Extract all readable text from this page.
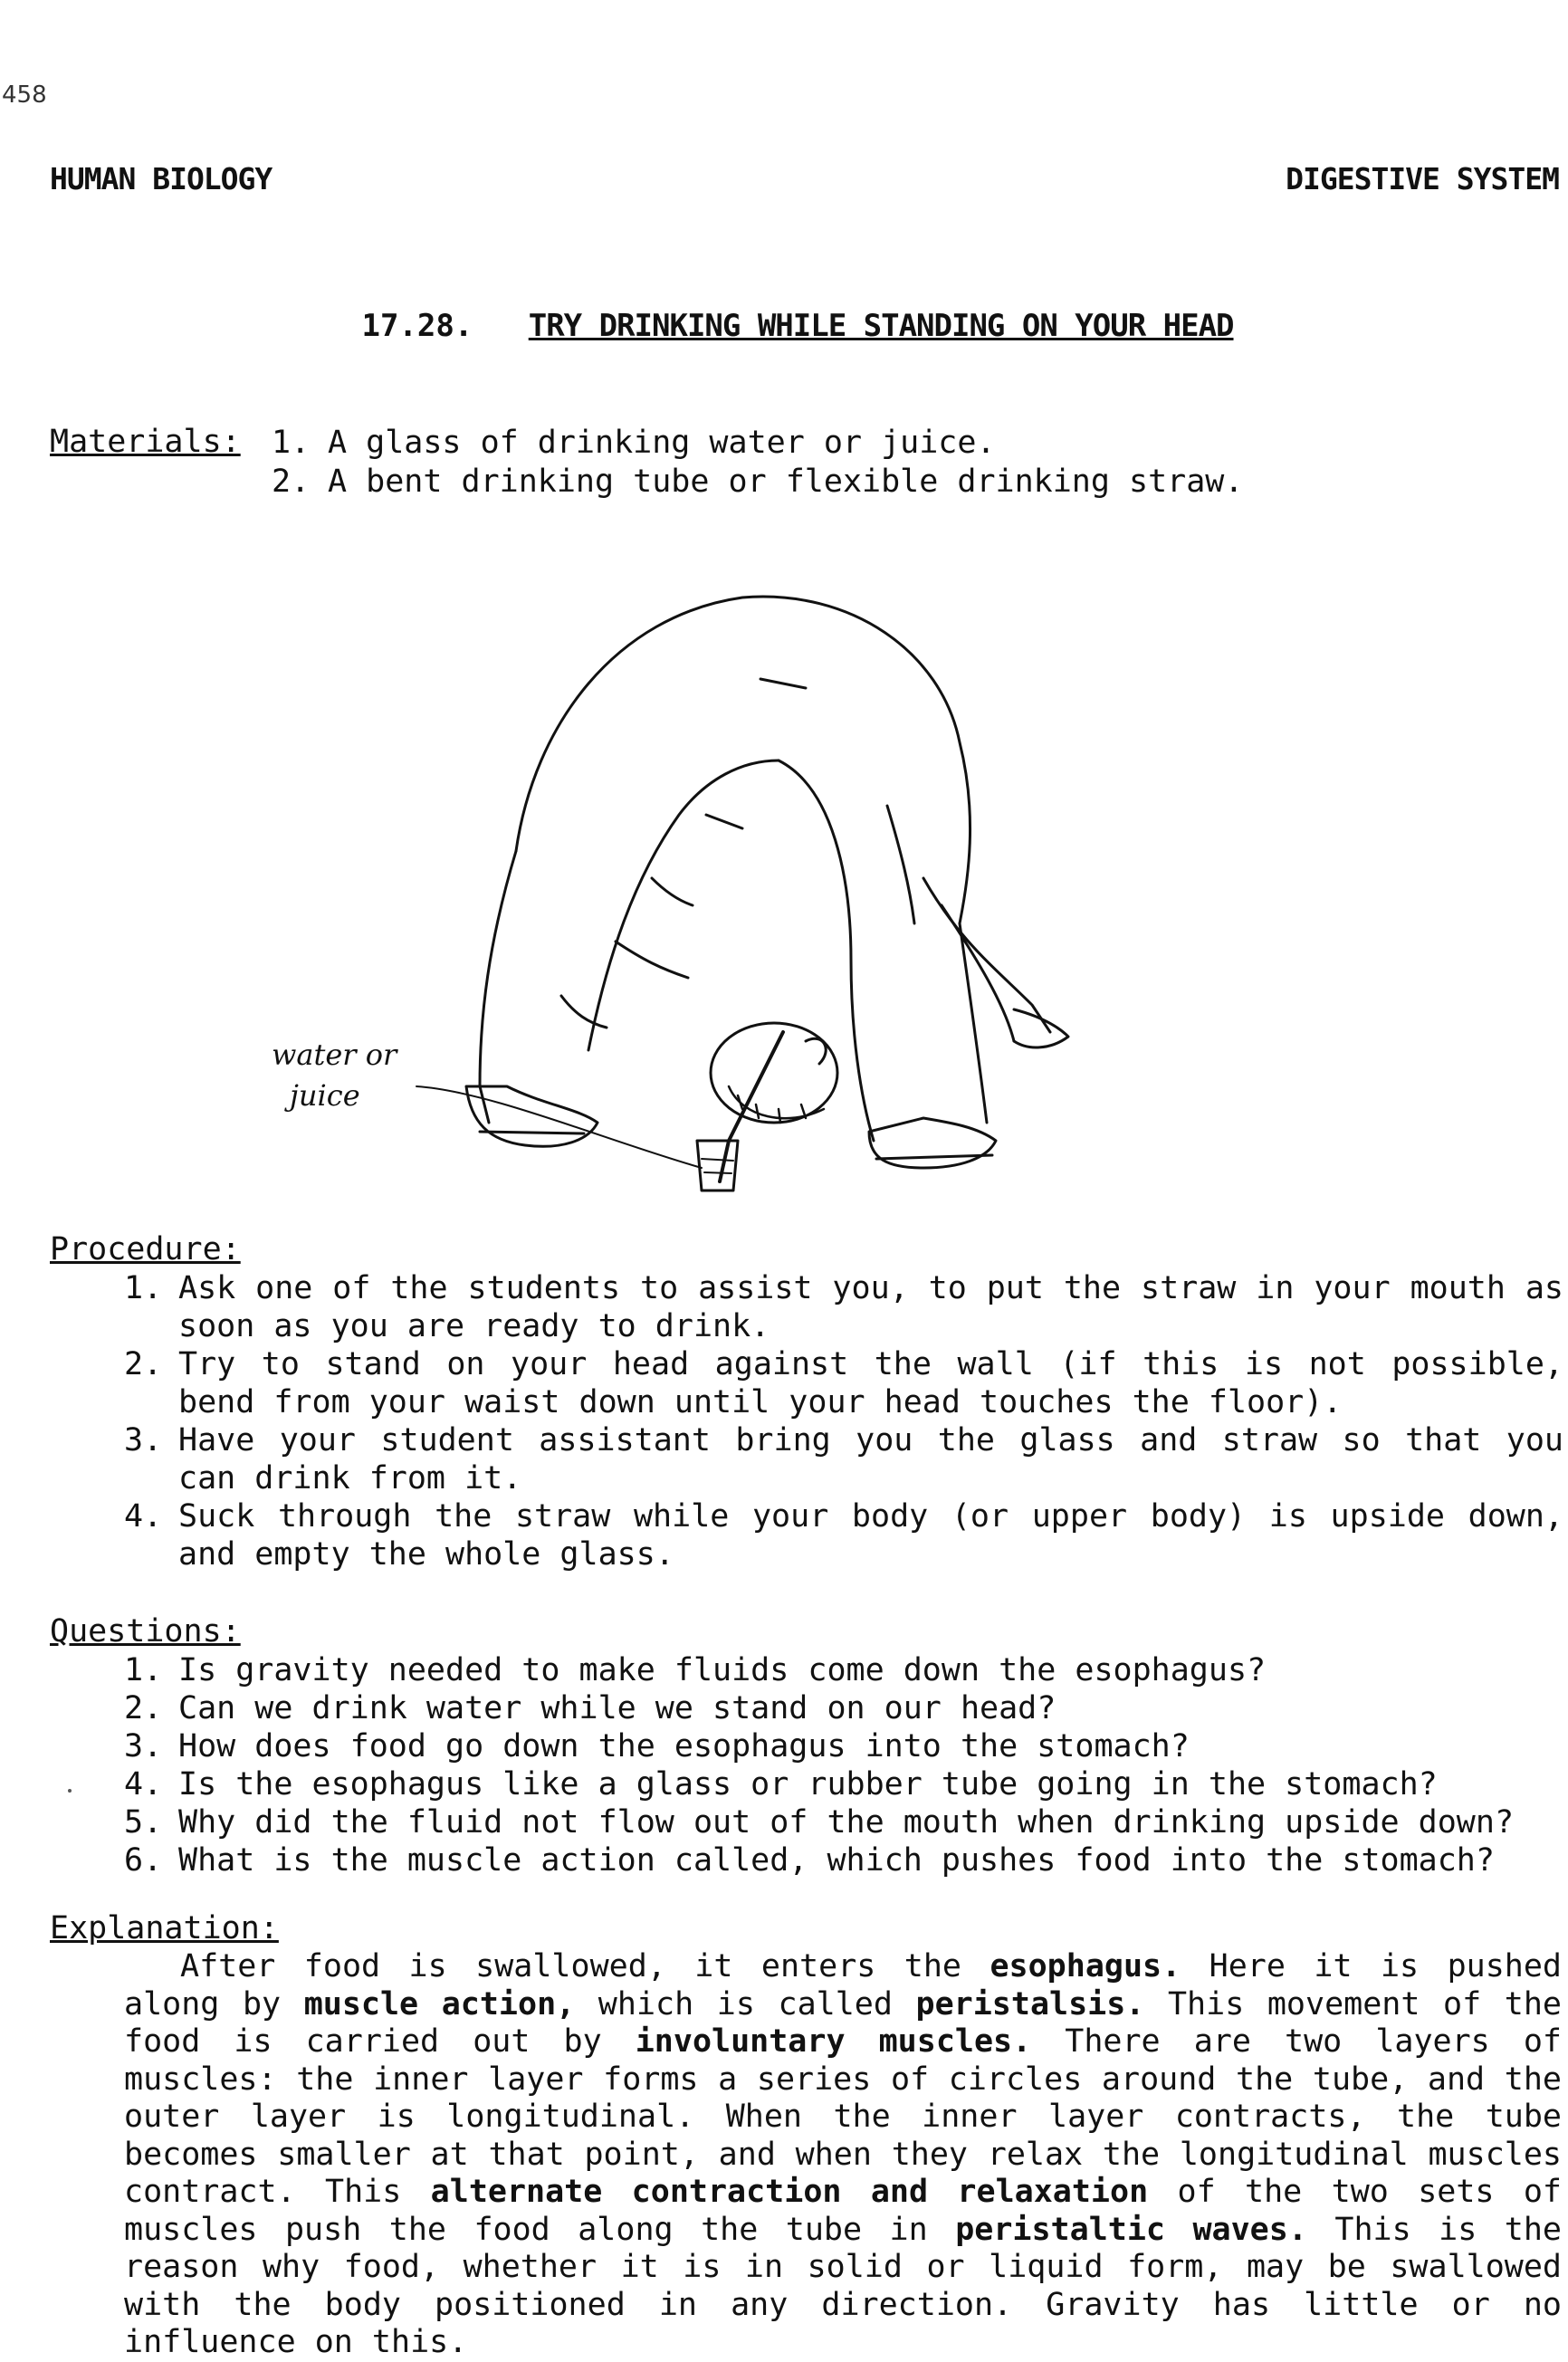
458
HUMAN BIOLOGY	DIGESTIVE SYSTEM
17.28. TRY DRINKING WHILE STANDING ON YOUR HEAD
Materials: 1. A glass of drinking water or juice.
2. A bent drinking tube or flexible drinking straw.
water or
juice
Procedure:
1. Ask one of the students to assist you, to put the straw in your mouth as soon as you are ready to drink.
2. Try to stand on your head against the wall (if this is not possible, bend from your waist down until your head touches the floor).
3. Have your student assistant bring you the glass and straw so that you can drink from it.
4. Suck through the straw while your body (or upper body) is upside down, and empty the whole glass.
Questions:
1. Is gravity needed to make fluids come down the esophagus?
2. Can we drink water while we stand on our head?
3. How does food go down the esophagus into the stomach?
4. Is the esophagus like a glass or rubber tube going in the stomach?
5. Why did the fluid not flow out of the mouth when drinking upside down?
6. What is the muscle action called, which pushes food into the stomach?
Explanation:

After food is swallowed, it enters the esophagus. Here it is pushed along by muscle action, which is called peristalsis. This movement of the food is carried out by involuntary muscles. There are two layers of muscles: the inner layer forms a series of circles around the tube, and the outer layer is longitudinal. When the inner layer contracts, the tube becomes smaller at that point, and when they relax the longitudinal muscles contract. This alternate contraction and relaxation of the two sets of muscles push the food along the tube in peristaltic waves. This is the reason why food, whether it is in solid or liquid form, may be swallowed with the body positioned in any direction. Gravity has little or no influence on this.
